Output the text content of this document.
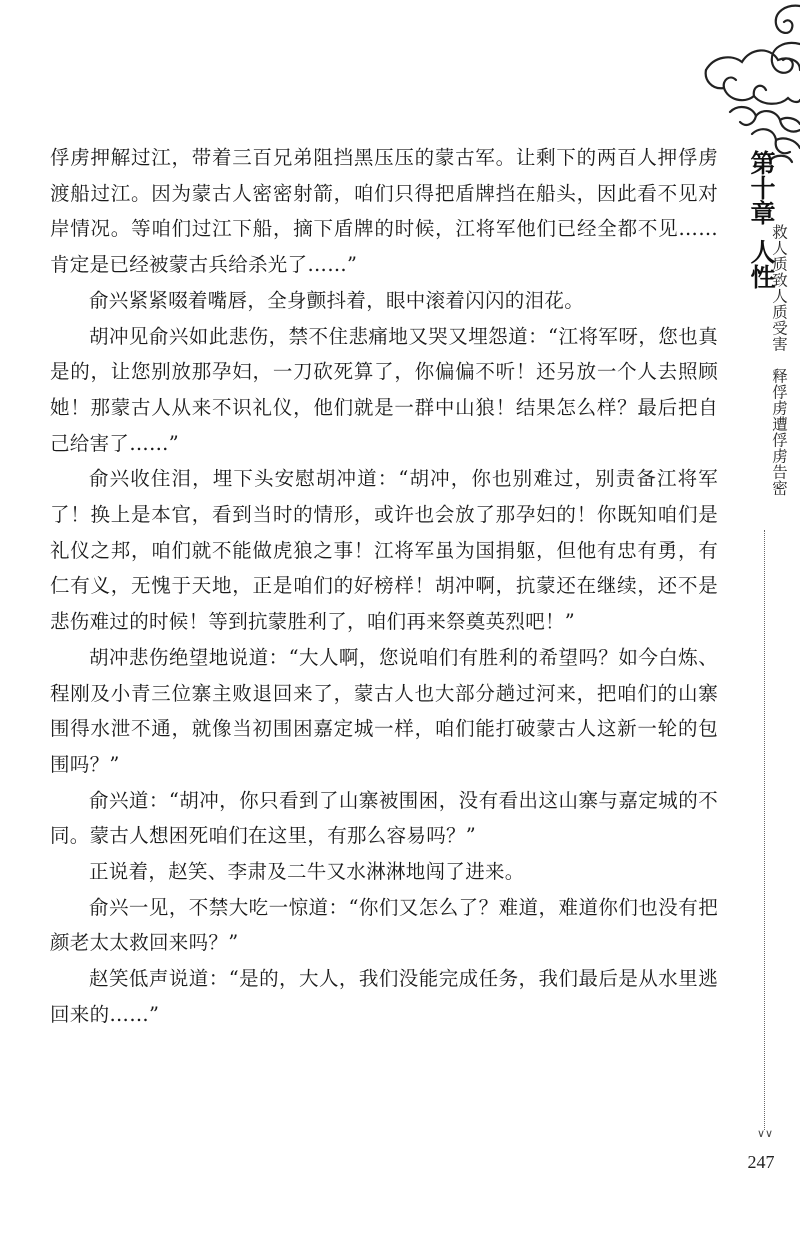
俘虏押解过江，带着三百兄弟阻挡黑压压的蒙古军。让剩下的两百人押俘虏渡船过江。因为蒙古人密密射箭，咱们只得把盾牌挡在船头，因此看不见对岸情况。等咱们过江下船，摘下盾牌的时候，江将军他们已经全都不见……肯定是已经被蒙古兵给杀光了……”

俞兴紧紧啜着嘴唇，全身颤抖着，眼中滚着闪闪的泪花。

胡冲见俞兴如此悲伤，禁不住悲痛地又哭又埋怨道：“江将军呀，您也真是的，让您别放那孕妇，一刀砍死算了，你偏偏不听！还另放一个人去照顾她！那蒙古人从来不识礼仪，他们就是一群中山狼！结果怎么样？最后把自己给害了……”

俞兴收住泪，埋下头安慰胡冲道：“胡冲，你也别难过，别责备江将军了！换上是本官，看到当时的情形，或许也会放了那孕妇的！你既知咱们是礼仪之邦，咱们就不能做虎狼之事！江将军虽为国捐躯，但他有忠有勇，有仁有义，无愧于天地，正是咱们的好榜样！胡冲啊，抗蒙还在继续，还不是悲伤难过的时候！等到抗蒙胜利了，咱们再来祭奠英烈吧！”

胡冲悲伤绝望地说道：“大人啊，您说咱们有胜利的希望吗？如今白炼、程刚及小青三位寨主败退回来了，蒙古人也大部分趟过河来，把咱们的山寨围得水泄不通，就像当初围困嘉定城一样，咱们能打破蒙古人这新一轮的包围吗？”

俞兴道：“胡冲，你只看到了山寨被围困，没有看出这山寨与嘉定城的不同。蒙古人想困死咱们在这里，有那么容易吗？”

正说着，赵笑、李肃及二牛又水淋淋地闯了进来。

俞兴一见，不禁大吃一惊道：“你们又怎么了？难道，难道你们也没有把颜老太太救回来吗？”

赵笑低声说道：“是的，大人，我们没能完成任务，我们最后是从水里逃回来的……”

第十章人性
救人质致人质受害　释俘虏遭俘虏告密
∨∨
247
